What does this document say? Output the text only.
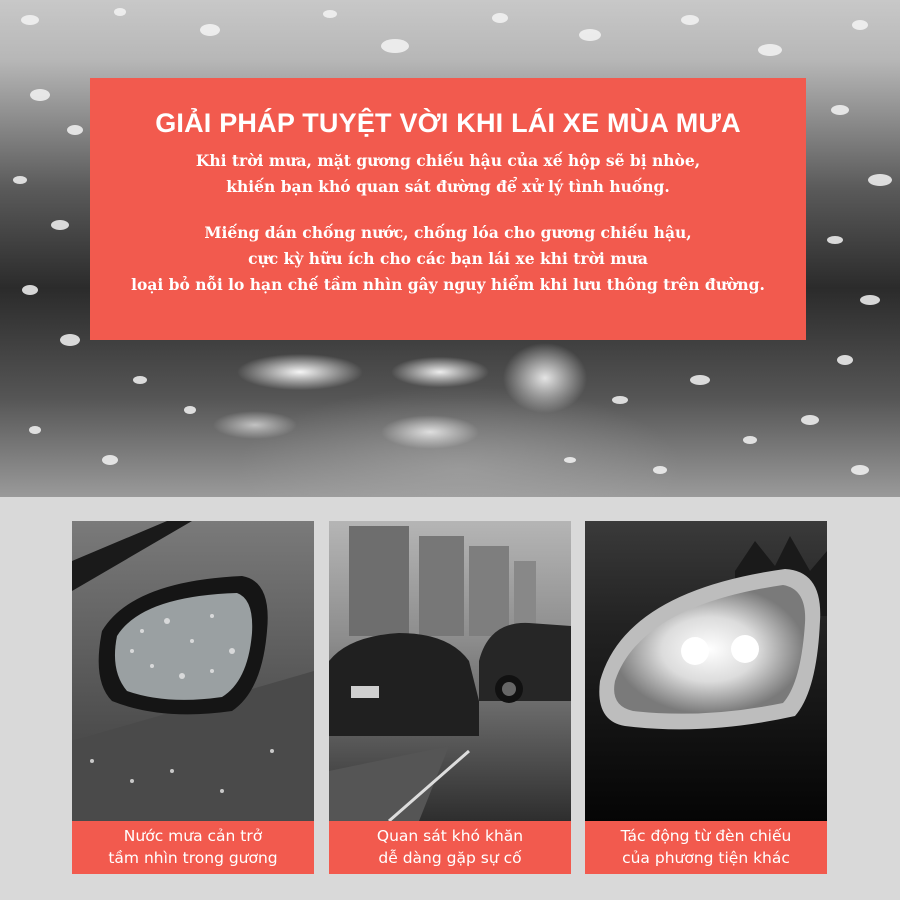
GIẢI PHÁP TUYỆT VỜI KHI LÁI XE MÙA MƯA
Khi trời mưa, mặt gương chiếu hậu của xế hộp sẽ bị nhòe,
khiến bạn khó quan sát đường để xử lý tình huống.
Miếng dán chống nước, chống lóa cho gương chiếu hậu,
cực kỳ hữu ích cho các bạn lái xe khi trời mưa
loại bỏ nỗi lo hạn chế tầm nhìn gây nguy hiểm khi lưu thông trên đường.
Nước mưa cản trở
tầm nhìn trong gương
Quan sát khó khăn
dễ dàng gặp sự cố
Tác động từ đèn chiếu
của phương tiện khác
